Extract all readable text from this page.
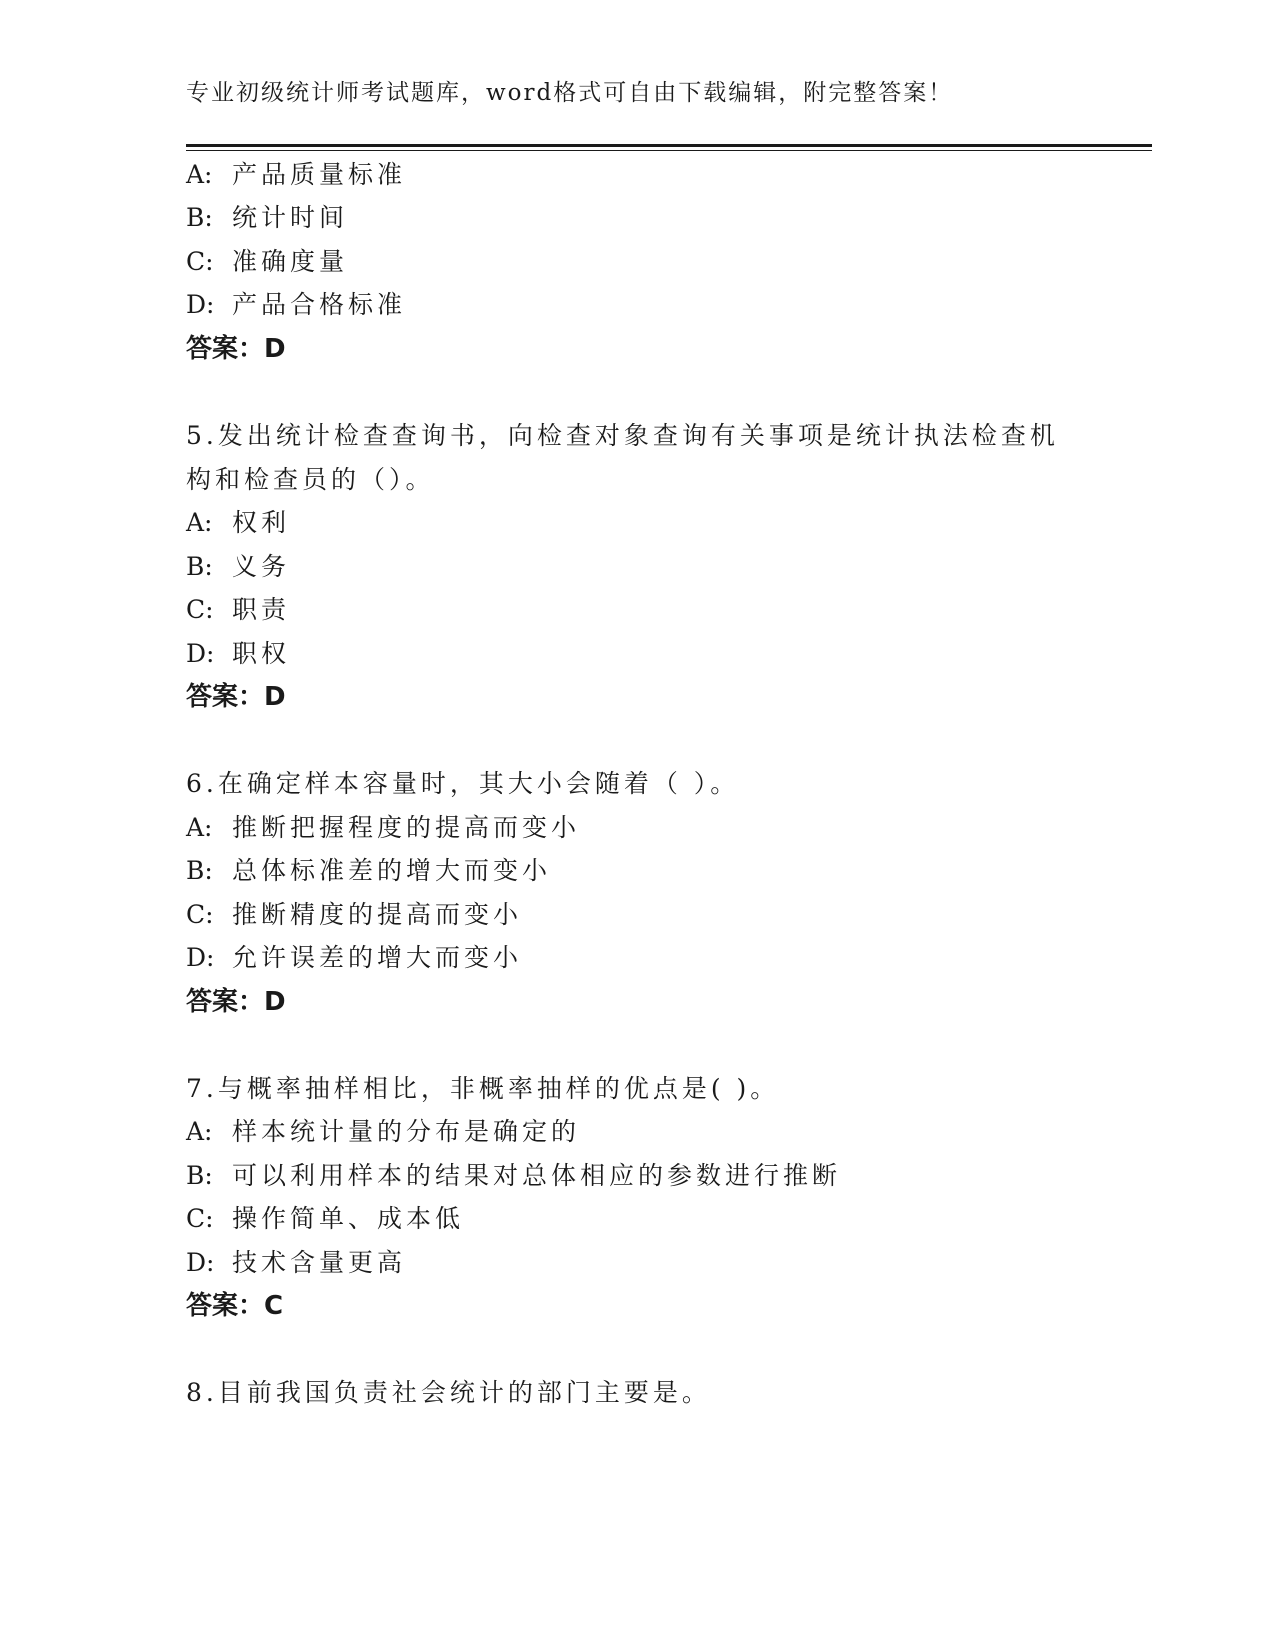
专业初级统计师考试题库，word格式可自由下载编辑，附完整答案！
A: 产品质量标准
B: 统计时间
C: 准确度量
D: 产品合格标准
答案：D
5.发出统计检查查询书，向检查对象查询有关事项是统计执法检查机
构和检查员的（）。
A: 权利
B: 义务
C: 职责
D: 职权
答案：D
6.在确定样本容量时，其大小会随着（ ）。
A: 推断把握程度的提高而变小
B: 总体标准差的增大而变小
C: 推断精度的提高而变小
D: 允许误差的增大而变小
答案：D
7.与概率抽样相比，非概率抽样的优点是( )。
A: 样本统计量的分布是确定的
B: 可以利用样本的结果对总体相应的参数进行推断
C: 操作简单、成本低
D: 技术含量更高
答案：C
8.目前我国负责社会统计的部门主要是。
